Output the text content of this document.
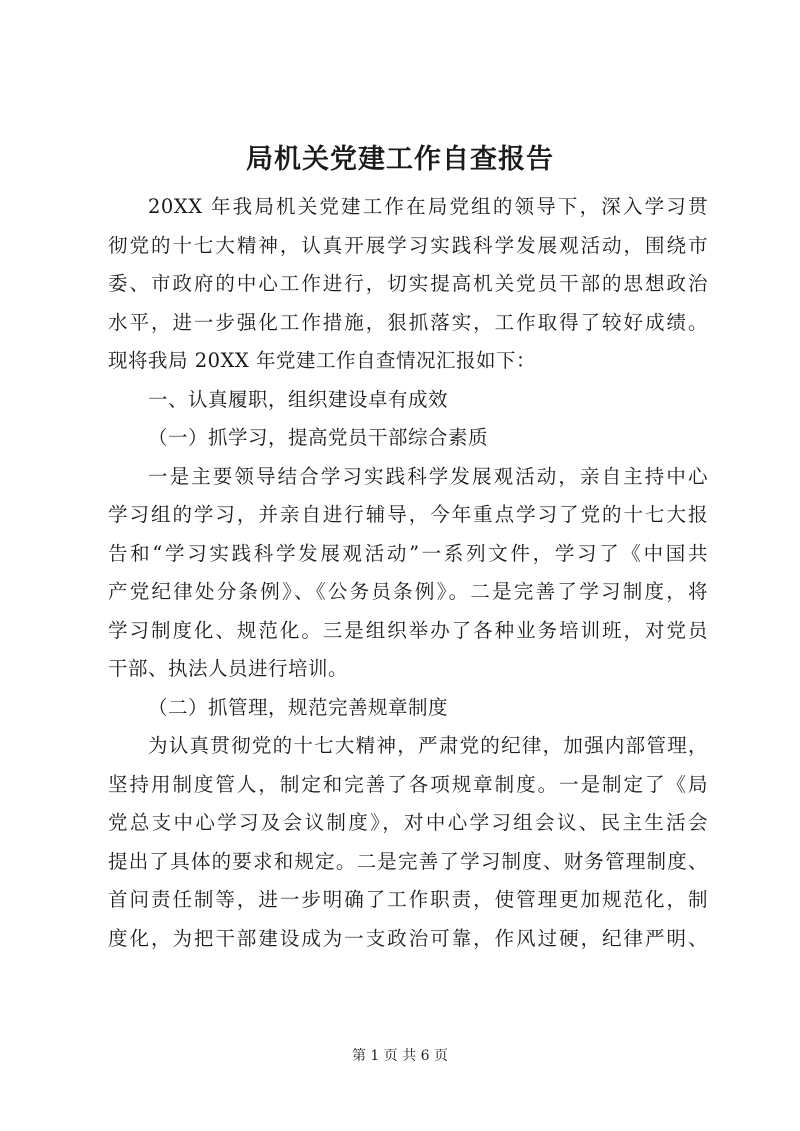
局机关党建工作自查报告
20XX 年我局机关党建工作在局党组的领导下，深入学习贯
彻党的十七大精神，认真开展学习实践科学发展观活动，围绕市
委、市政府的中心工作进行，切实提高机关党员干部的思想政治
水平，进一步强化工作措施，狠抓落实，工作取得了较好成绩。
现将我局 20XX 年党建工作自查情况汇报如下：
一、认真履职，组织建设卓有成效
（一）抓学习，提高党员干部综合素质
一是主要领导结合学习实践科学发展观活动，亲自主持中心
学习组的学习，并亲自进行辅导，今年重点学习了党的十七大报
告和“学习实践科学发展观活动”一系列文件，学习了《中国共
产党纪律处分条例》、《公务员条例》。二是完善了学习制度，将
学习制度化、规范化。三是组织举办了各种业务培训班，对党员
干部、执法人员进行培训。
（二）抓管理，规范完善规章制度
为认真贯彻党的十七大精神，严肃党的纪律，加强内部管理，
坚持用制度管人，制定和完善了各项规章制度。一是制定了《局
党总支中心学习及会议制度》，对中心学习组会议、民主生活会
提出了具体的要求和规定。二是完善了学习制度、财务管理制度、
首问责任制等，进一步明确了工作职责，使管理更加规范化，制
度化，为把干部建设成为一支政治可靠，作风过硬，纪律严明、
第 1 页 共 6 页
